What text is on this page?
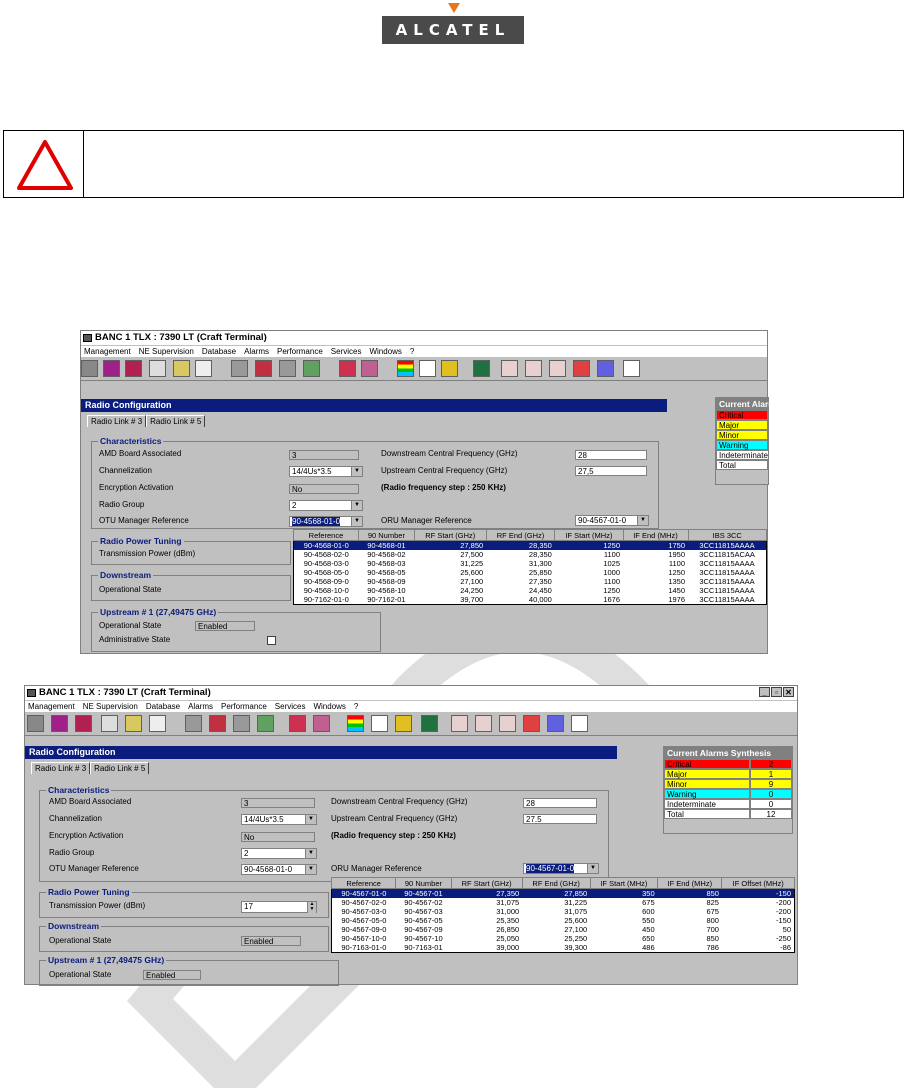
ALCATEL
BANC 1 TLX : 7390 LT (Craft Terminal)
Management NE Supervision Database Alarms Performance Services Windows ?
Radio Configuration
Radio Link # 3	Radio Link # 5
Characteristics
AMD Board Associated	3
Channelization	14/4Us*3.5	▼
Encryption Activation	No
Radio Group	2	▼
OTU Manager Reference	90-4568-01-0	▼
Downstream Central Frequency (GHz)	28
Upstream Central Frequency (GHz)	27,5
(Radio frequency step : 250 KHz)
ORU Manager Reference	90-4567-01-0	▼
Radio Power Tuning
Transmission Power (dBm)
Downstream
Operational State
Upstream # 1 (27,49475 GHz)
Operational State	Enabled
Administrative State
Current Alarms
Critical
Major
Minor
Warning
Indeterminate
Total
Reference	90 Number	RF Start (GHz)	RF End (GHz)	IF Start (MHz)	IF End (MHz)	IBS 3CC
90-4568-01-0	90-4568-01	27,850	28,350	1250	1750	3CC11815AAAA
90-4568-02-0	90-4568-02	27,500	28,350	1100	1950	3CC11815ACAA
90-4568-03-0	90-4568-03	31,225	31,300	1025	1100	3CC11815AAAA
90-4568-05-0	90-4568-05	25,600	25,850	1000	1250	3CC11815AAAA
90-4568-09-0	90-4568-09	27,100	27,350	1100	1350	3CC11815AAAA
90-4568-10-0	90-4568-10	24,250	24,450	1250	1450	3CC11815AAAA
90-7162-01-0	90-7162-01	39,700	40,000	1676	1976	3CC11815AAAA
BANC 1 TLX : 7390 LT (Craft Terminal)	_	▫ ✕
Management NE Supervision Database Alarms Performance Services Windows ?
Radio Configuration
Radio Link # 3	Radio Link # 5
Characteristics
AMD Board Associated	3
Channelization	14/4Us*3.5	▼
Encryption Activation	No
Radio Group	2	▼
OTU Manager Reference	90-4568-01-0	▼
Downstream Central Frequency (GHz)	28
Upstream Central Frequency (GHz)	27.5
(Radio frequency step : 250 KHz)
ORU Manager Reference	90-4567-01-0	▼
Radio Power Tuning
Transmission Power (dBm)	17	▲
▼
Downstream
Operational State	Enabled
Upstream # 1 (27,49475 GHz)
Operational State	Enabled
Current Alarms Synthesis
Critical	2
Major	1
Minor	9
Warning	0
Indeterminate	0
Total	12
Reference	90 Number	RF Start (GHz)	RF End (GHz)	IF Start (MHz)	IF End (MHz)	IF Offset (MHz)
90-4567-01-0	90-4567-01	27,350	27,850	350	850	-150
90-4567-02-0	90-4567-02	31,075	31,225	675	825	-200
90-4567-03-0	90-4567-03	31,000	31,075	600	675	-200
90-4567-05-0	90-4567-05	25,350	25,600	550	800	-150
90-4567-09-0	90-4567-09	26,850	27,100	450	700	50
90-4567-10-0	90-4567-10	25,050	25,250	650	850	-250
90-7163-01-0	90-7163-01	39,000	39,300	486	786	-86
